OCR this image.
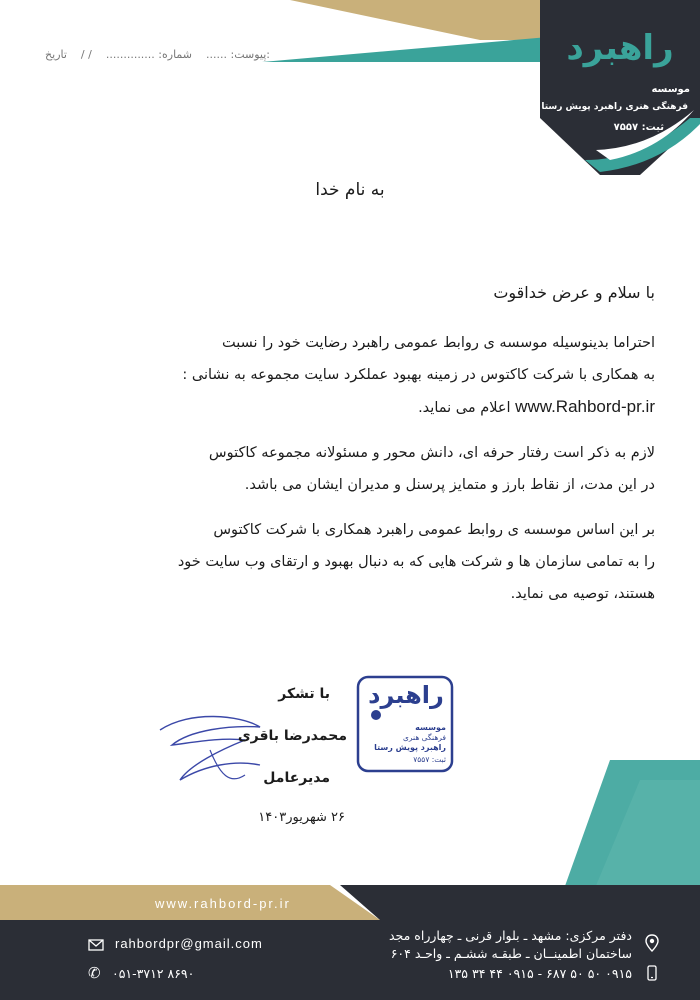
پیوست: ......    شماره: ..............    / /    تاریخ:	راهبرد
موسسه
فرهنگی هنری راهبرد پویش رستا
ثبت: ۷۵۵۷
به نام خدا
با سلام و عرض خداقوت
احتراما بدینوسیله موسسه ی روابط عمومی راهبرد رضایت خود را نسبت
به همکاری با شرکت کاکتوس در زمینه بهبود عملکرد سایت مجموعه به نشانی :
www.Rahbord-pr.ir اعلام می نماید.
لازم به ذکر است رفتار حرفه ای، دانش محور و مسئولانه مجموعه کاکتوس
در این مدت، از نقاط بارز و متمایز پرسنل و مدیران ایشان می باشد.
بر این اساس موسسه ی روابط عمومی راهبرد همکاری با شرکت کاکتوس
را به تمامی سازمان ها و شرکت هایی که به دنبال بهبود و ارتقای وب سایت خود
هستند، توصیه می نماید.
با تشکر
محمدرضا باقری
مدیرعامل
۲۶ شهریور۱۴۰۳
راهبرد
موسسه
فرهنگی هنری
راهبرد پویش رستا
ثبت: ۷۵۵۷
www.rahbord-pr.ir
rahbordpr@gmail.com
✆ ۰۵۱-۳۷۱۲ ۸۶۹۰
دفتر مرکزی: مشهد ـ بلوار قرنی ـ چهارراه مجد
ساختمان اطمینــان ـ طبقـه ششـم ـ واحـد ۶۰۴
۰۹۱۵ ۵۰ ۵۰ ۶۸۷ - ۰۹۱۵ ۴۴ ۳۴ ۱۳۵
